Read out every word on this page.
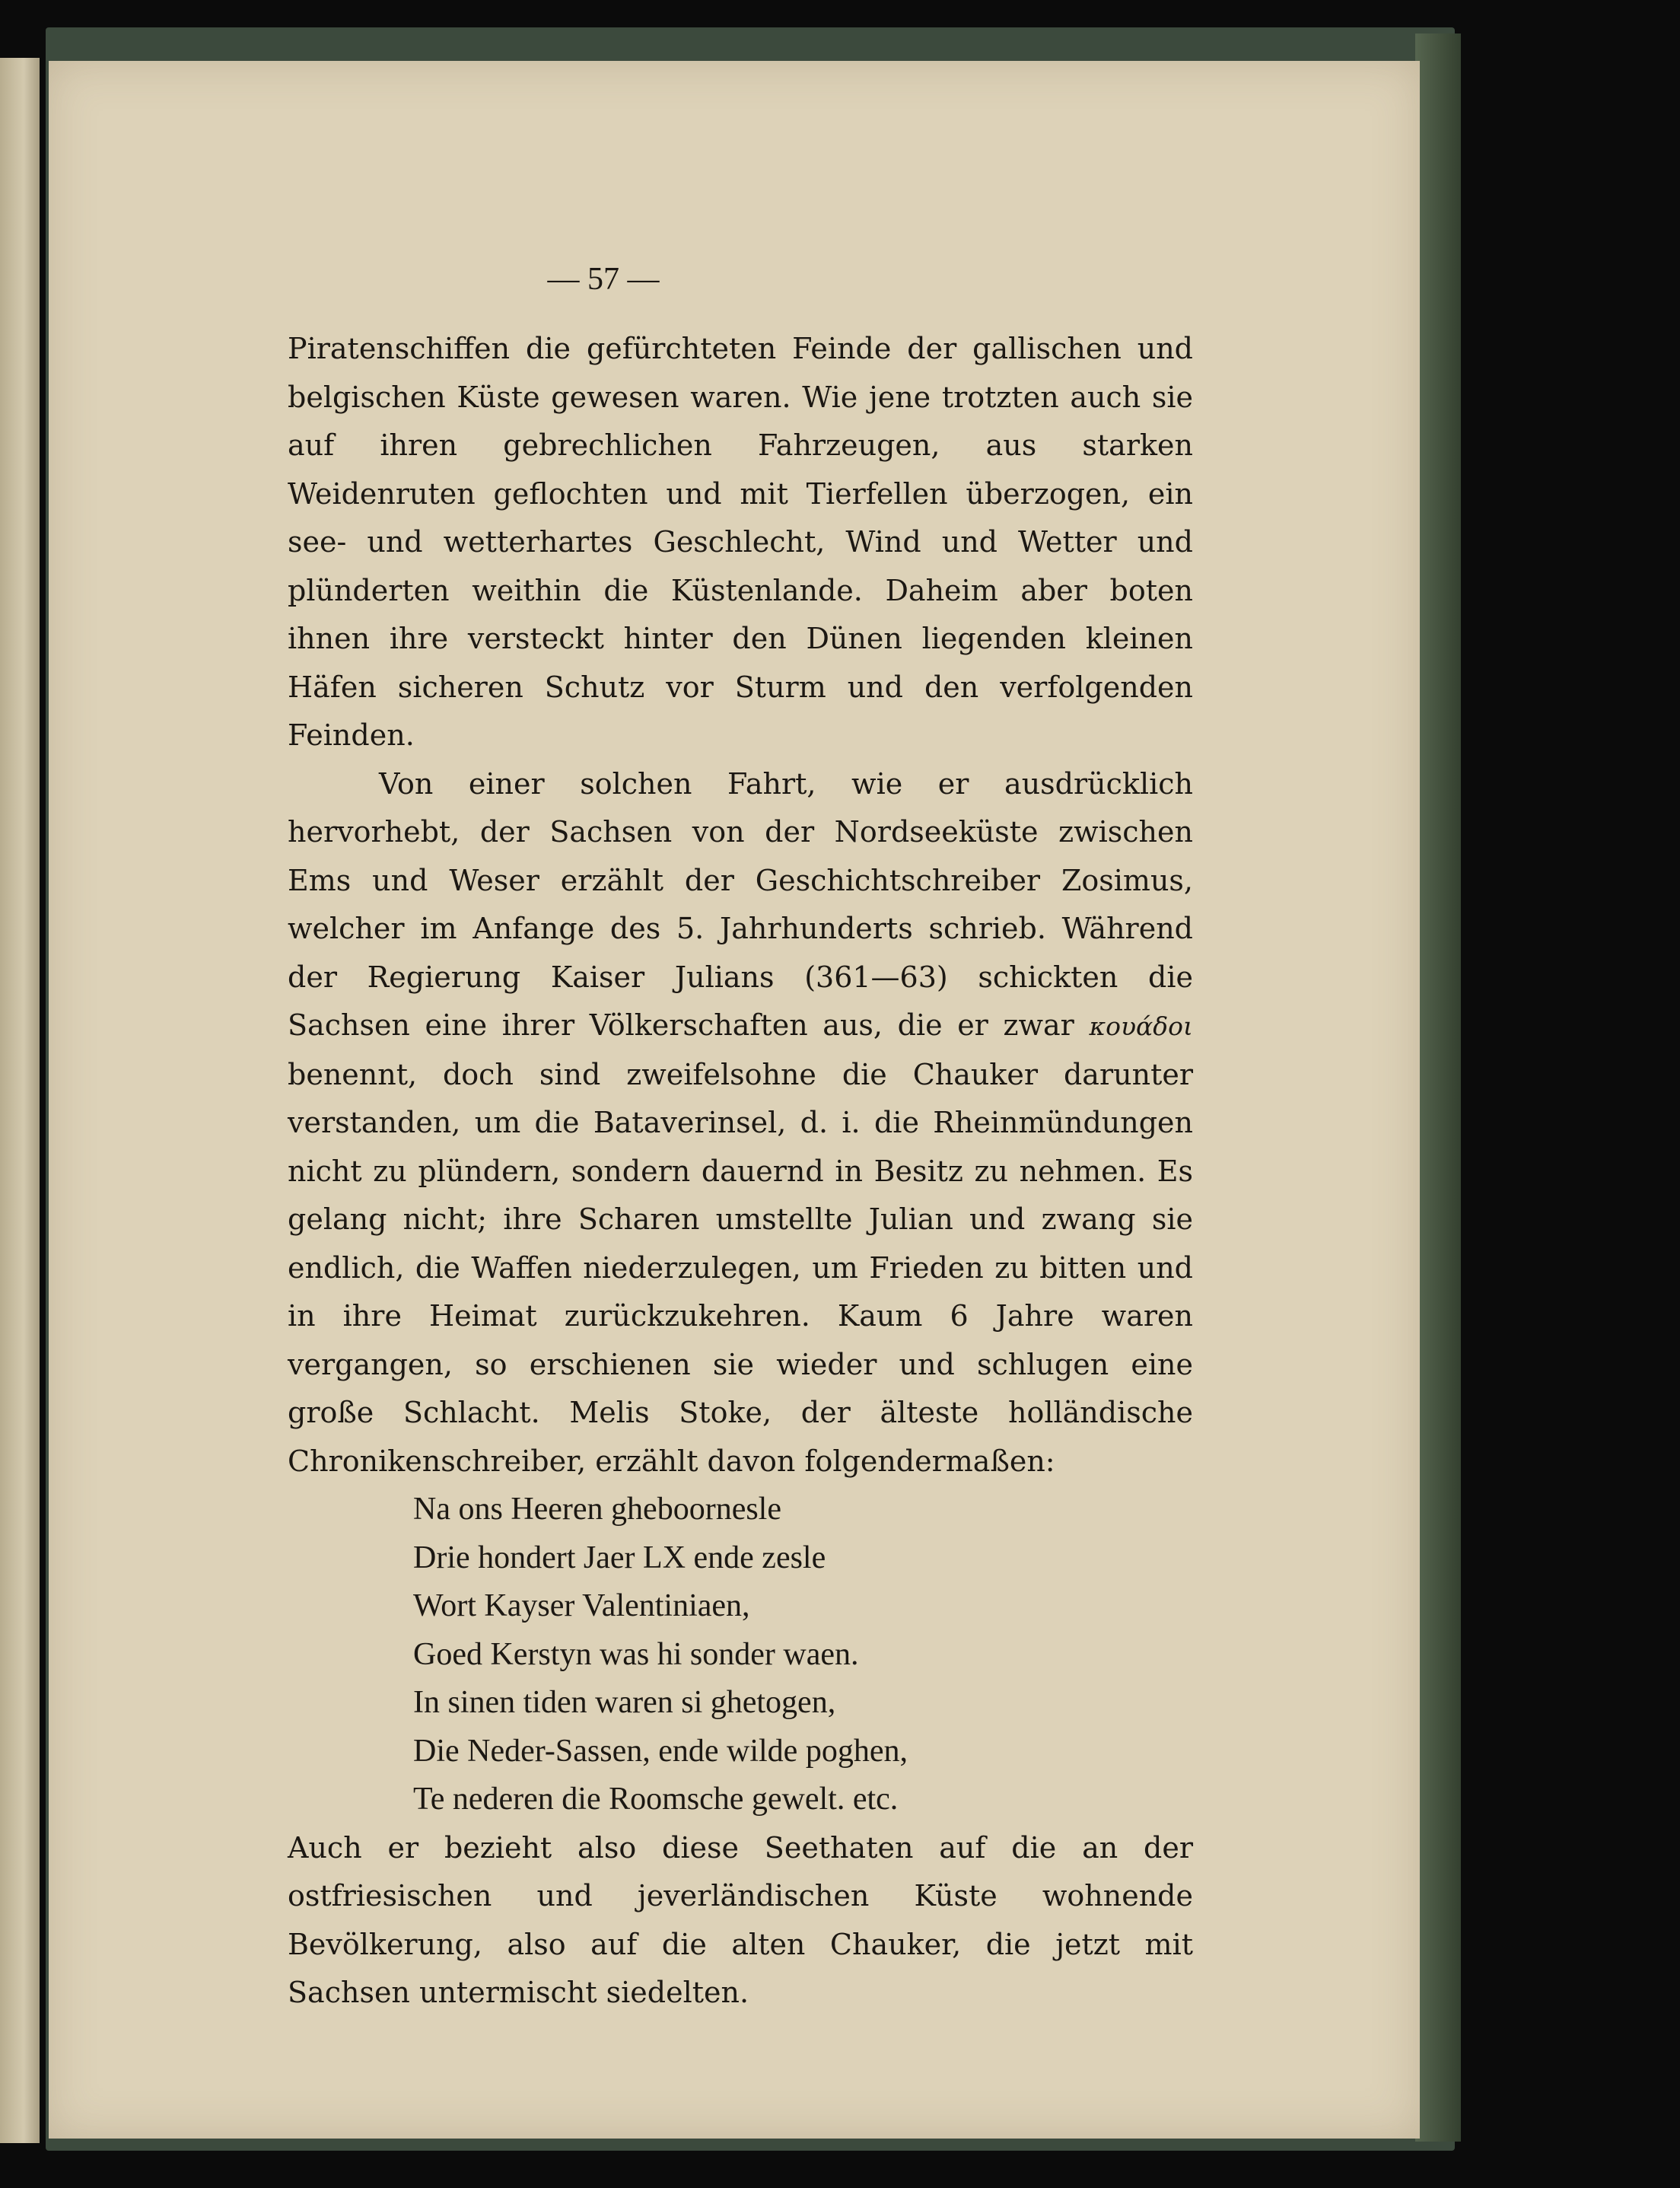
— 57 —

Piratenschiffen die gefürchteten Feinde der gallischen und belgischen Küste gewesen waren. Wie jene trotzten auch sie auf ihren gebrechlichen Fahrzeugen, aus starken Weidenruten geflochten und mit Tierfellen überzogen, ein see- und wetterhartes Geschlecht, Wind und Wetter und plünderten weithin die Küstenlande. Daheim aber boten ihnen ihre versteckt hinter den Dünen liegenden kleinen Häfen sicheren Schutz vor Sturm und den verfolgenden Feinden.

Von einer solchen Fahrt, wie er ausdrücklich hervorhebt, der Sachsen von der Nordseeküste zwischen Ems und Weser erzählt der Geschichtschreiber Zosimus, welcher im Anfange des 5. Jahrhunderts schrieb. Während der Regierung Kaiser Julians (361—63) schickten die Sachsen eine ihrer Völkerschaften aus, die er zwar κουάδοι benennt, doch sind zweifelsohne die Chauker darunter verstanden, um die Bataverinsel, d. i. die Rheinmündungen nicht zu plündern, sondern dauernd in Besitz zu nehmen. Es gelang nicht; ihre Scharen umstellte Julian und zwang sie endlich, die Waffen niederzulegen, um Frieden zu bitten und in ihre Heimat zurückzukehren. Kaum 6 Jahre waren vergangen, so erschienen sie wieder und schlugen eine große Schlacht. Melis Stoke, der älteste holländische Chronikenschreiber, erzählt davon folgendermaßen:

Na ons Heeren gheboornesle
Drie hondert Jaer LX ende zesle
Wort Kayser Valentiniaen,
Goed Kerstyn was hi sonder waen.
In sinen tiden waren si ghetogen,
Die Neder-Sassen, ende wilde poghen,
Te nederen die Roomsche gewelt. etc.

Auch er bezieht also diese Seethaten auf die an der ostfriesischen und jeverländischen Küste wohnende Bevölkerung, also auf die alten Chauker, die jetzt mit Sachsen untermischt siedelten.
